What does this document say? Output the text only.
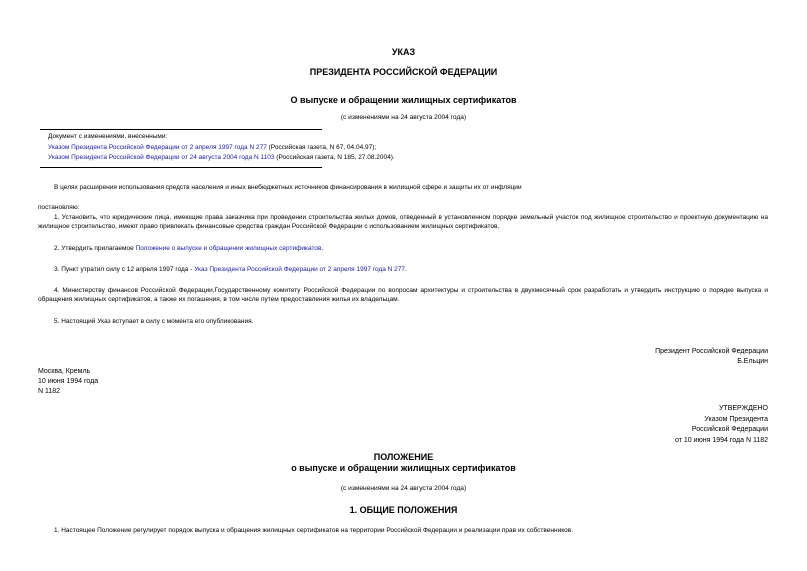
УКАЗ
ПРЕЗИДЕНТА РОССИЙСКОЙ ФЕДЕРАЦИИ
О выпуске и обращении жилищных сертификатов
(с изменениями на 24 августа 2004 года)
Документ с изменениями, внесенными:
Указом Президента Российской Федерации от 2 апреля 1997 года N 277 (Российская газета, N 67, 04.04.97);
Указом Президента Российской Федерации от 24 августа 2004 года N 1103 (Российская газета, N 185, 27.08.2004).
В целях расширения использования средств населения и иных внебюджетных источников финансирования в жилищной сфере и защиты их от инфляции
постановляю:
1. Установить, что юридические лица, имеющие права заказчика при проведении строительства жилых домов, отведенный в установленном порядке земельный участок под жилищное строительство и проектную документацию на жилищное строительство, имеют право привлекать финансовые средства граждан Российской Федерации с использованием жилищных сертификатов.
2. Утвердить прилагаемое Положение о выпуске и обращении жилищных сертификатов.
3. Пункт утратил силу с 12 апреля 1997 года - Указ Президента Российской Федерации от 2 апреля 1997 года N 277.
4. Министерству финансов Российской Федерации,Государственному комитету Российской Федерации по вопросам архитектуры и строительства в двухмесячный срок разработать и утвердить инструкцию о порядке выпуска и обращения жилищных сертификатов, а также их погашения, в том числе путем предоставления жилья их владельцам.
5. Настоящий Указ вступает в силу с момента его опубликования.
Президент Российской Федерации
Б.Ельцин
Москва, Кремль
10 июня 1994 года
N 1182
УТВЕРЖДЕНО
Указом Президента
Российской Федерации
от 10 июня 1994 года N 1182
ПОЛОЖЕНИЕ
о выпуске и обращении жилищных сертификатов
(с изменениями на 24 августа 2004 года)
1. ОБЩИЕ ПОЛОЖЕНИЯ
1. Настоящее Положение регулирует порядок выпуска и обращения жилищных сертификатов на территории Российской Федерации и реализации прав их собственников.
